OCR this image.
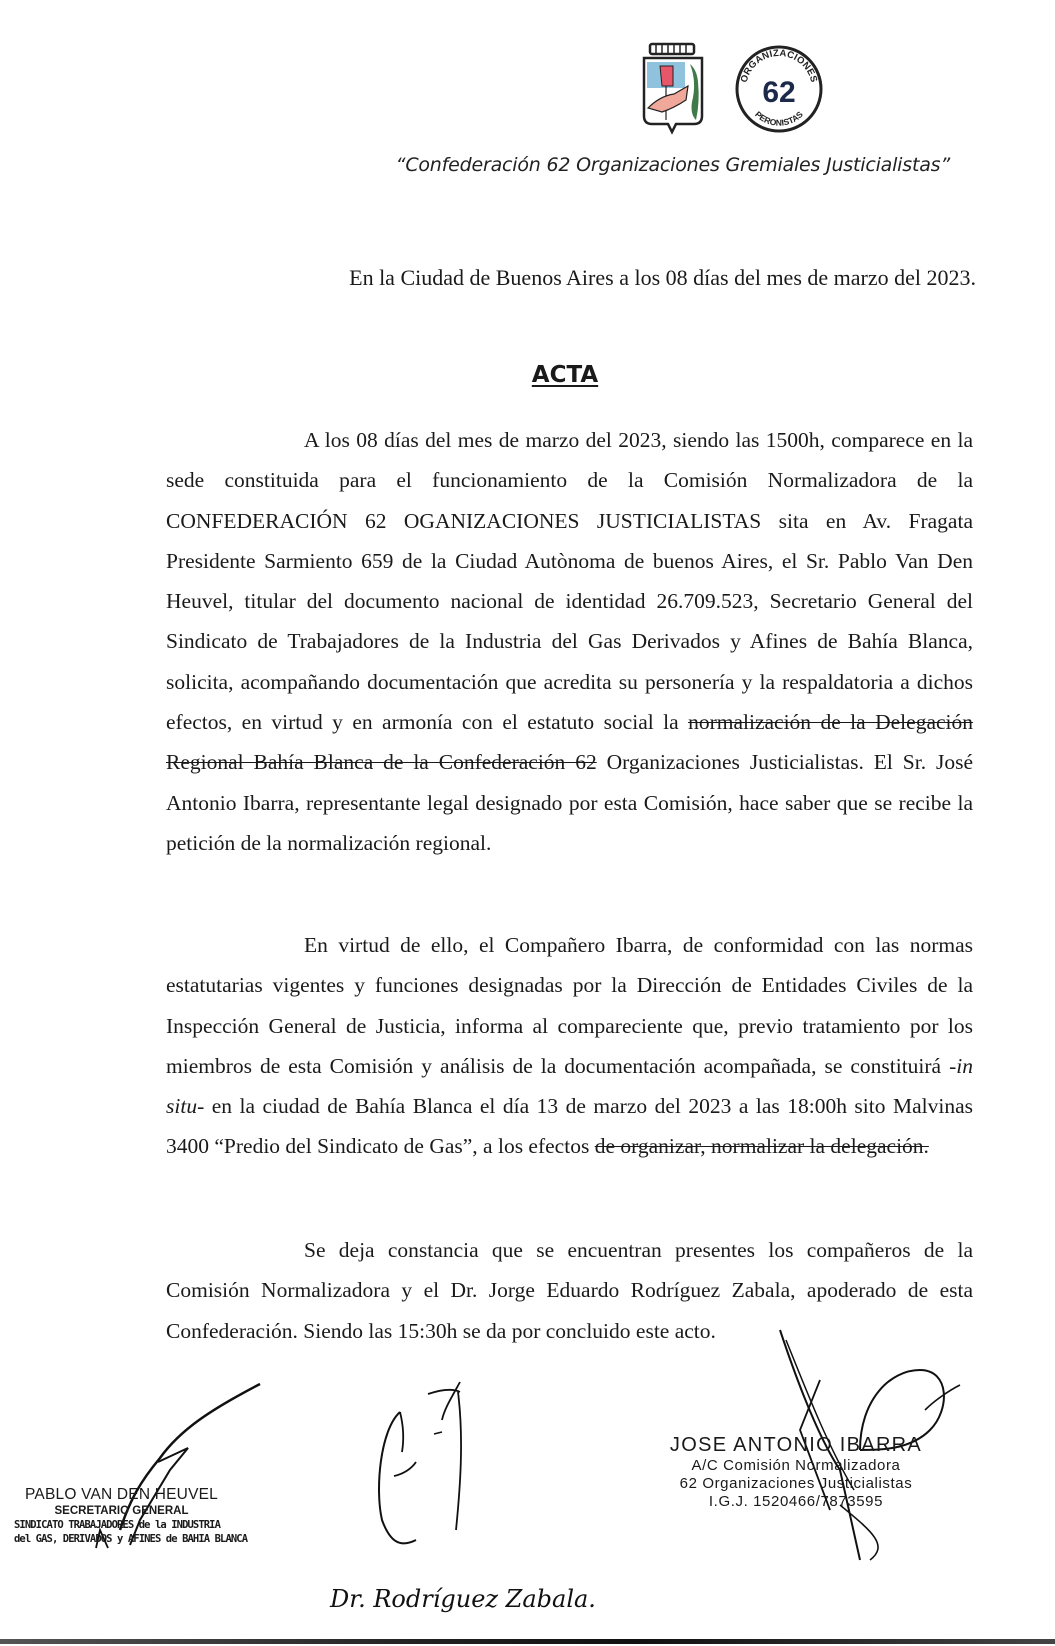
ORGANIZACIONES
PERONISTAS
62
“Confederación 62 Organizaciones Gremiales Justicialistas”
En la Ciudad de Buenos Aires a los 08 días del mes de marzo del 2023.
ACTA
A los 08 días del mes de marzo del 2023, siendo las 1500h, comparece en la sede constituida para el funcionamiento de la Comisión Normalizadora de la CONFEDERACIÓN 62 OGANIZACIONES JUSTICIALISTAS sita en Av. Fragata Presidente Sarmiento 659 de la Ciudad Autònoma de buenos Aires, el Sr. Pablo Van Den Heuvel, titular del documento nacional de identidad 26.709.523, Secretario General del Sindicato de Trabajadores de la Industria del Gas Derivados y Afines de Bahía Blanca, solicita, acompañando documentación que acredita su personería y la respaldatoria a dichos efectos, en virtud y en armonía con el estatuto social la normalización de la Delegación Regional Bahía Blanca de la Confederación 62 Organizaciones Justicialistas. El Sr. José Antonio Ibarra, representante legal designado por esta Comisión, hace saber que se recibe la petición de la normalización regional.
En virtud de ello, el Compañero Ibarra, de conformidad con las normas estatutarias vigentes y funciones designadas por la Dirección de Entidades Civiles de la Inspección General de Justicia, informa al compareciente que, previo tratamiento por los miembros de esta Comisión y análisis de la documentación acompañada, se constituirá -in situ- en la ciudad de Bahía Blanca el día 13 de marzo del 2023 a las 18:00h sito Malvinas 3400 “Predio del Sindicato de Gas”, a los efectos de organizar, normalizar la delegación.
Se deja constancia que se encuentran presentes los compañeros de la Comisión Normalizadora y el Dr. Jorge Eduardo Rodríguez Zabala, apoderado de esta Confederación. Siendo las 15:30h se da por concluido este acto.
PABLO VAN DEN HEUVEL
SECRETARIO GENERAL
SINDICATO TRABAJADORES de la INDUSTRIA
del GAS, DERIVADOS y AFINES de BAHIA BLANCA
Dr. Rodríguez Zabala.
JOSE ANTONIO IBARRA
A/C Comisión Normalizadora
62 Organizaciones Justicialistas
I.G.J. 1520466/7873595
